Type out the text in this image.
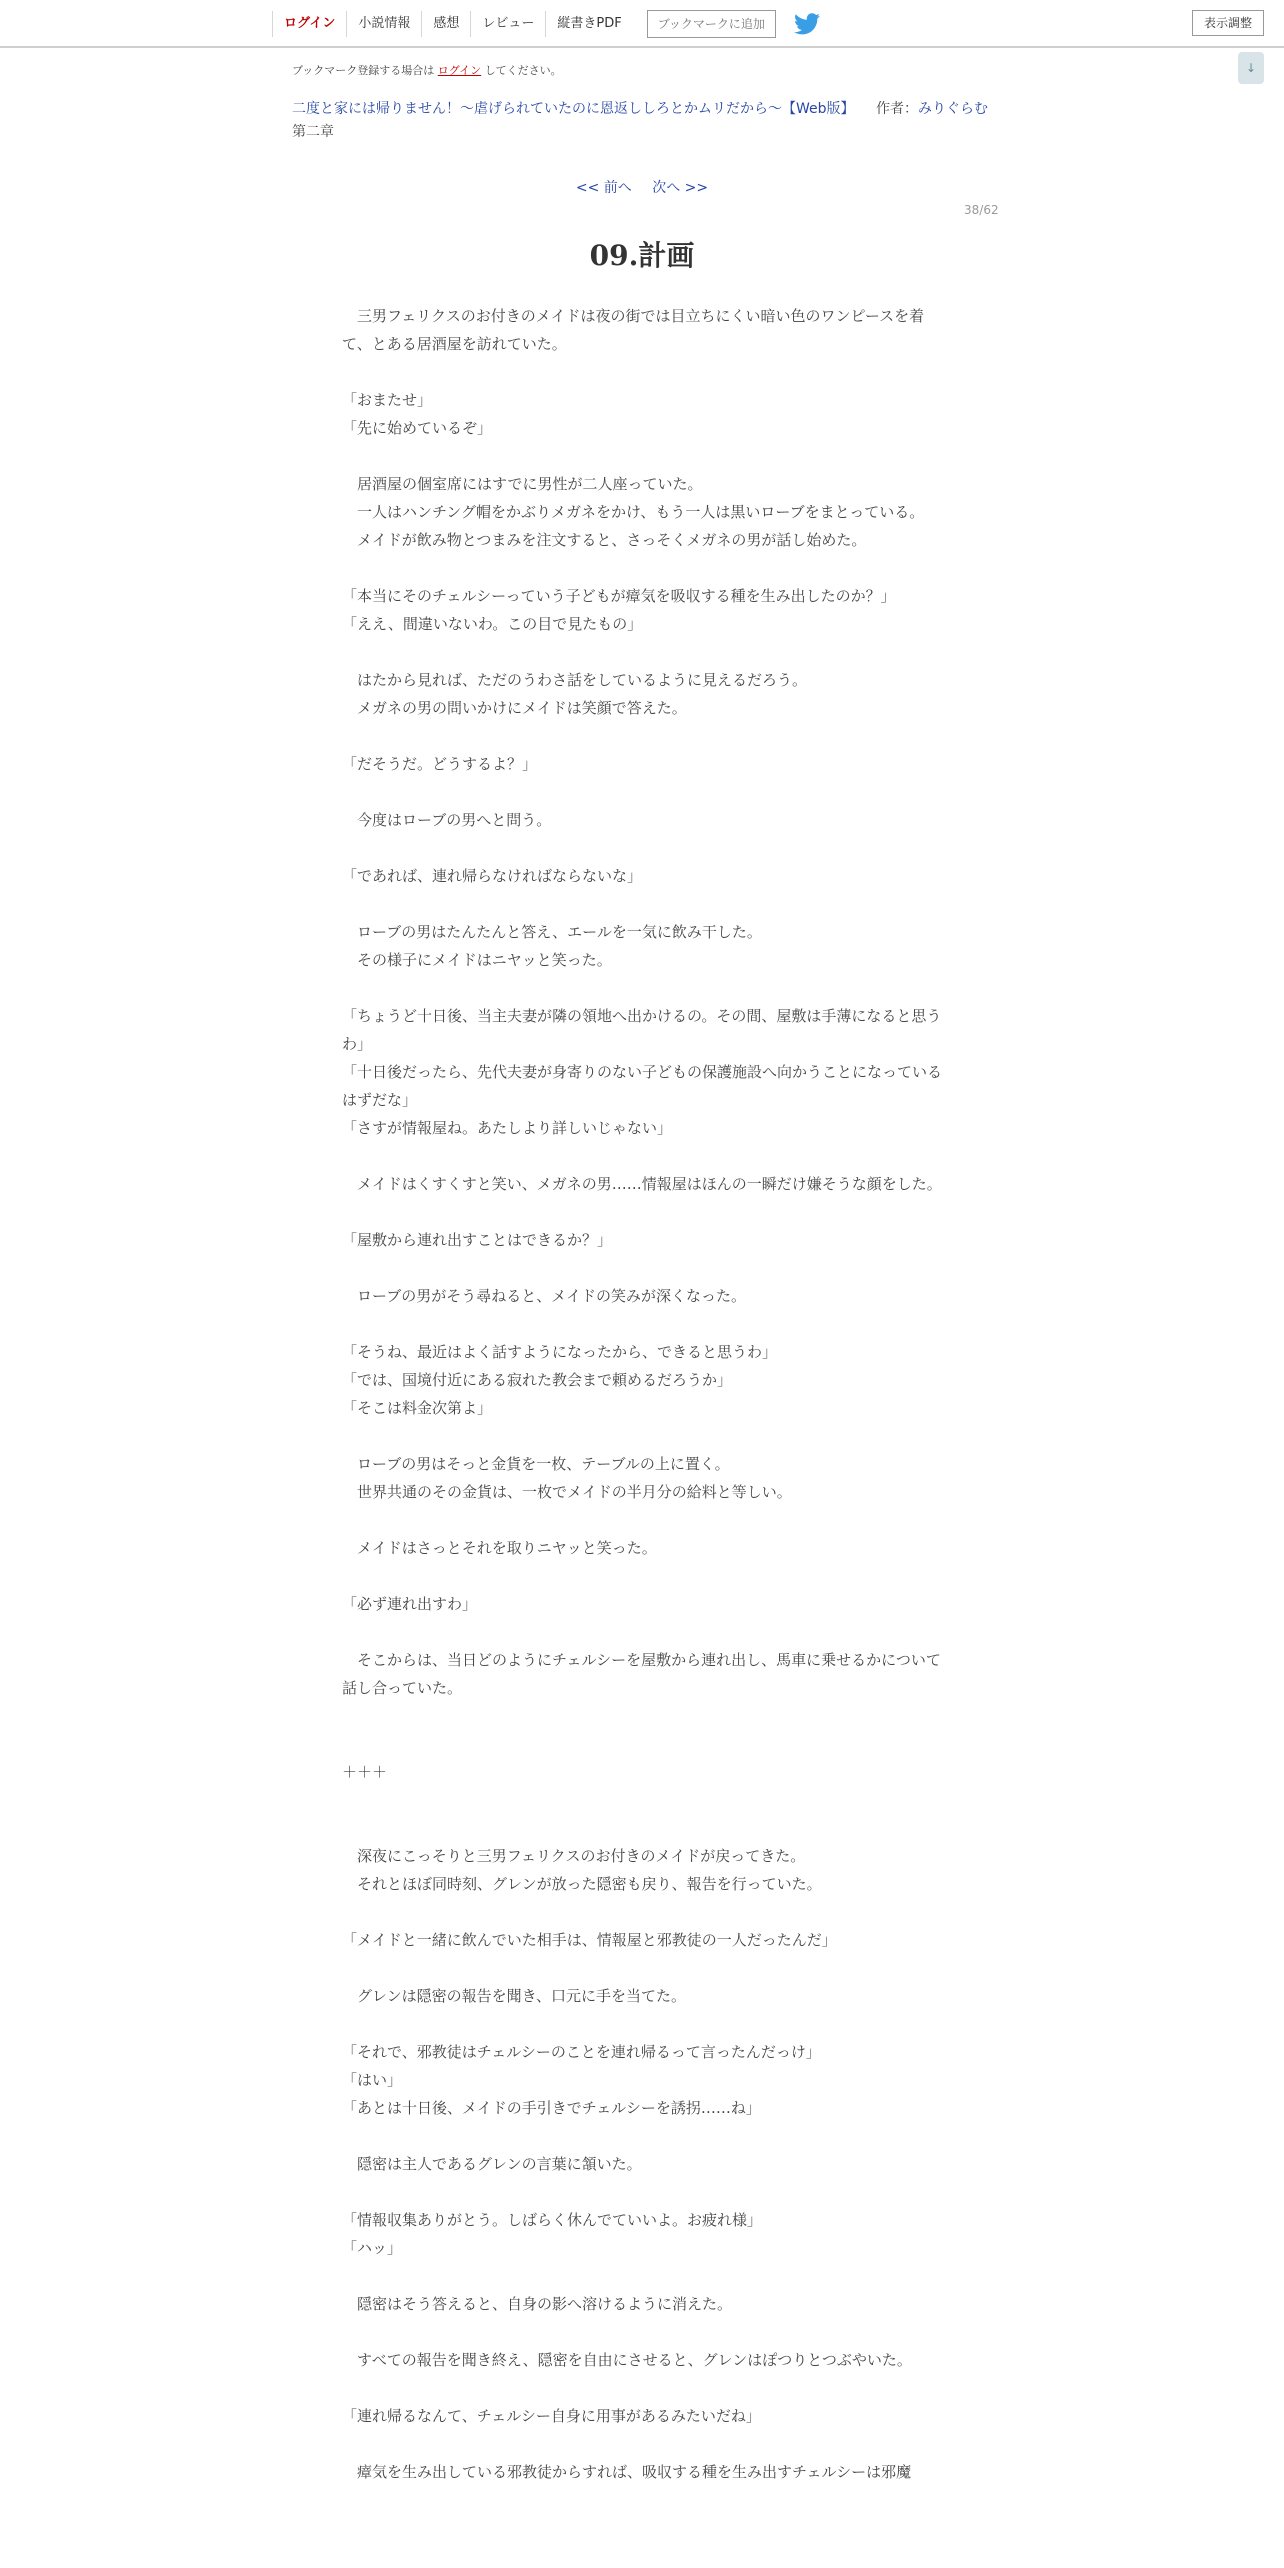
ログイン	小説情報	感想	レビュー	縦書きPDF	ブックマークに追加	表示調整
↓
ブックマーク登録する場合は ログイン してください。
二度と家には帰りません！～虐げられていたのに恩返ししろとかムリだから～【Web版】 作者：みりぐらむ
第二章
<< 前へ 次へ >>
38/62
09.計画

　三男フェリクスのお付きのメイドは夜の街では目立ちにくい暗い色のワンピースを着て、とある居酒屋を訪れていた。

「おまたせ」

「先に始めているぞ」

　居酒屋の個室席にはすでに男性が二人座っていた。

　一人はハンチング帽をかぶりメガネをかけ、もう一人は黒いローブをまとっている。

　メイドが飲み物とつまみを注文すると、さっそくメガネの男が話し始めた。

「本当にそのチェルシーっていう子どもが瘴気を吸収する種を生み出したのか？」

「ええ、間違いないわ。この目で見たもの」

　はたから見れば、ただのうわさ話をしているように見えるだろう。

　メガネの男の問いかけにメイドは笑顔で答えた。

「だそうだ。どうするよ？」

　今度はローブの男へと問う。

「であれば、連れ帰らなければならないな」

　ローブの男はたんたんと答え、エールを一気に飲み干した。

　その様子にメイドはニヤッと笑った。

「ちょうど十日後、当主夫妻が隣の領地へ出かけるの。その間、屋敷は手薄になると思うわ」

「十日後だったら、先代夫妻が身寄りのない子どもの保護施設へ向かうことになっているはずだな」

「さすが情報屋ね。あたしより詳しいじゃない」

　メイドはくすくすと笑い、メガネの男……情報屋はほんの一瞬だけ嫌そうな顔をした。

「屋敷から連れ出すことはできるか？」

　ローブの男がそう尋ねると、メイドの笑みが深くなった。

「そうね、最近はよく話すようになったから、できると思うわ」

「では、国境付近にある寂れた教会まで頼めるだろうか」

「そこは料金次第よ」

　ローブの男はそっと金貨を一枚、テーブルの上に置く。

　世界共通のその金貨は、一枚でメイドの半月分の給料と等しい。

　メイドはさっとそれを取りニヤッと笑った。

「必ず連れ出すわ」

　そこからは、当日どのようにチェルシーを屋敷から連れ出し、馬車に乗せるかについて話し合っていた。

＋＋＋

　深夜にこっそりと三男フェリクスのお付きのメイドが戻ってきた。

　それとほぼ同時刻、グレンが放った隠密も戻り、報告を行っていた。

「メイドと一緒に飲んでいた相手は、情報屋と邪教徒の一人だったんだ」

　グレンは隠密の報告を聞き、口元に手を当てた。

「それで、邪教徒はチェルシーのことを連れ帰るって言ったんだっけ」

「はい」

「あとは十日後、メイドの手引きでチェルシーを誘拐……ね」

　隠密は主人であるグレンの言葉に頷いた。

「情報収集ありがとう。しばらく休んでていいよ。お疲れ様」

「ハッ」

　隠密はそう答えると、自身の影へ溶けるように消えた。

　すべての報告を聞き終え、隠密を自由にさせると、グレンはぽつりとつぶやいた。

「連れ帰るなんて、チェルシー自身に用事があるみたいだね」

　瘴気を生み出している邪教徒からすれば、吸収する種を生み出すチェルシーは邪魔
